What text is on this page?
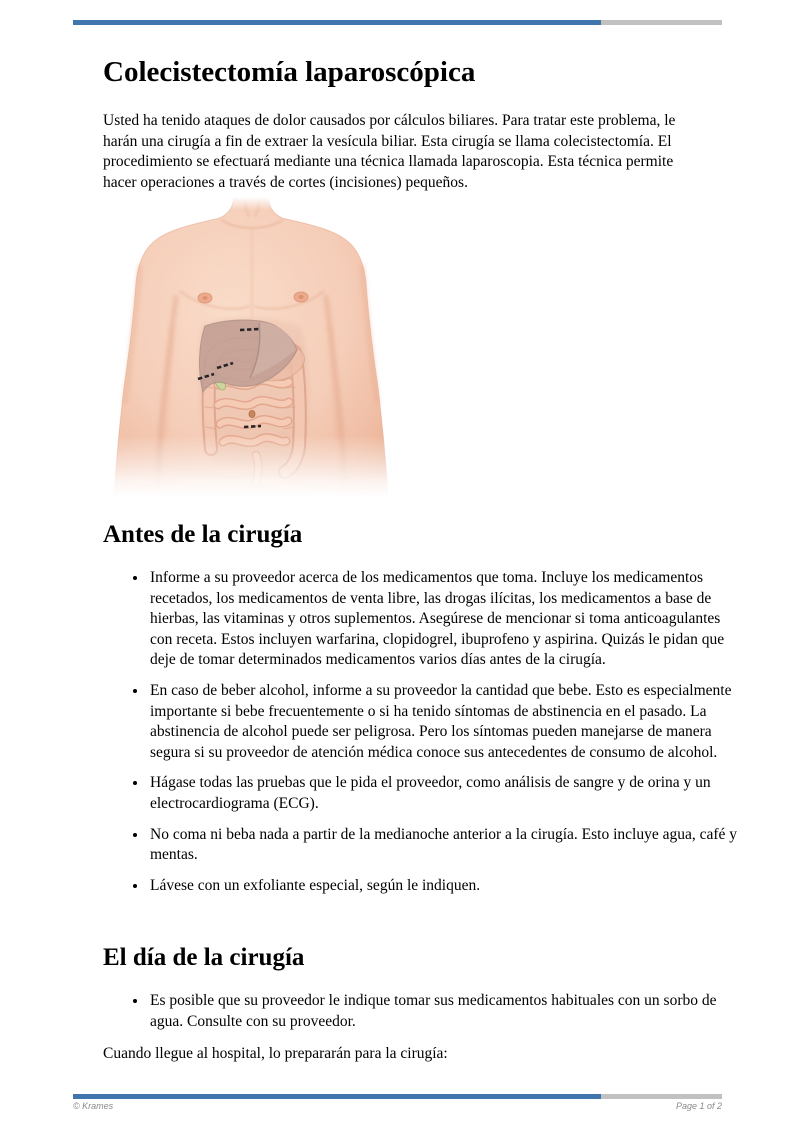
Colecistectomía laparoscópica

Usted ha tenido ataques de dolor causados por cálculos biliares. Para tratar este problema, le harán una cirugía a fin de extraer la vesícula biliar. Esta cirugía se llama colecistectomía. El procedimiento se efectuará mediante una técnica llamada laparoscopia. Esta técnica permite hacer operaciones a través de cortes (incisiones) pequeños.

Antes de la cirugía
• Informe a su proveedor acerca de los medicamentos que toma. Incluye los medicamentos recetados, los medicamentos de venta libre, las drogas ilícitas, los medicamentos a base de hierbas, las vitaminas y otros suplementos. Asegúrese de mencionar si toma anticoagulantes con receta. Estos incluyen warfarina, clopidogrel, ibuprofeno y aspirina. Quizás le pidan que deje de tomar determinados medicamentos varios días antes de la cirugía.
• En caso de beber alcohol, informe a su proveedor la cantidad que bebe. Esto es especialmente importante si bebe frecuentemente o si ha tenido síntomas de abstinencia en el pasado. La abstinencia de alcohol puede ser peligrosa. Pero los síntomas pueden manejarse de manera segura si su proveedor de atención médica conoce sus antecedentes de consumo de alcohol.
• Hágase todas las pruebas que le pida el proveedor, como análisis de sangre y de orina y un electrocardiograma (ECG).
• No coma ni beba nada a partir de la medianoche anterior a la cirugía. Esto incluye agua, café y mentas.
• Lávese con un exfoliante especial, según le indiquen.
El día de la cirugía
• Es posible que su proveedor le indique tomar sus medicamentos habituales con un sorbo de agua. Consulte con su proveedor.

Cuando llegue al hospital, lo prepararán para la cirugía:

© Krames	Page 1 of 2
